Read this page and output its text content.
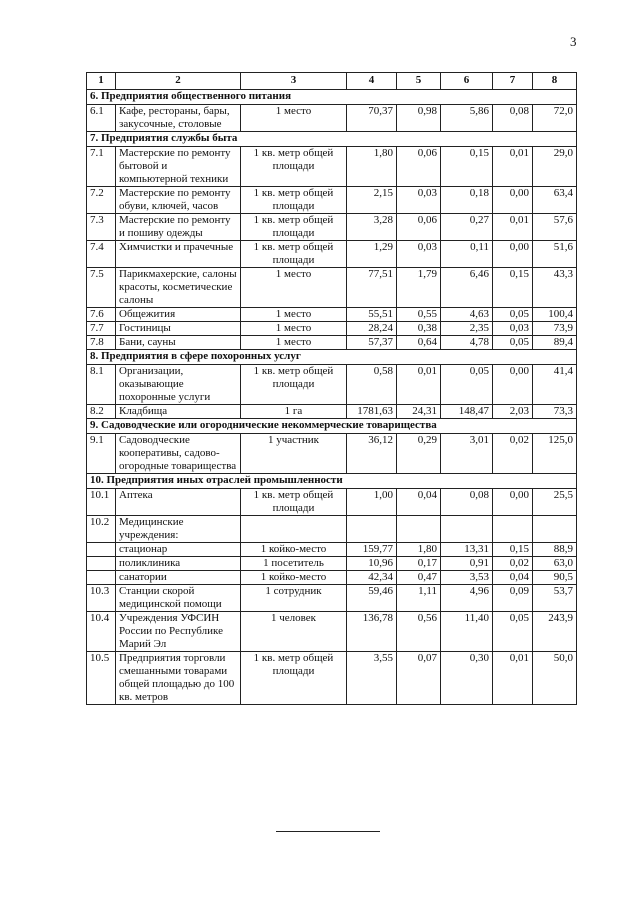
3
1	2	3	4	5	6	7	8
6. Предприятия общественного питания							
6.1	Кафе, рестораны, бары, закусочные, столовые	1 место	70,37	0,98	5,86	0,08	72,0
7. Предприятия службы быта							
7.1	Мастерские по ремонту бытовой и компьютерной техники	1 кв. метр общей площади	1,80	0,06	0,15	0,01	29,0
7.2	Мастерские по ремонту обуви, ключей, часов	1 кв. метр общей площади	2,15	0,03	0,18	0,00	63,4
7.3	Мастерские по ремонту и пошиву одежды	1 кв. метр общей площади	3,28	0,06	0,27	0,01	57,6
7.4	Химчистки и прачечные	1 кв. метр общей площади	1,29	0,03	0,11	0,00	51,6
7.5	Парикмахерские, салоны красоты, косметические салоны	1 место	77,51	1,79	6,46	0,15	43,3
7.6	Общежития	1 место	55,51	0,55	4,63	0,05	100,4
7.7	Гостиницы	1 место	28,24	0,38	2,35	0,03	73,9
7.8	Бани, сауны	1 место	57,37	0,64	4,78	0,05	89,4
8. Предприятия в сфере похоронных услуг							
8.1	Организации, оказывающие похоронные услуги	1 кв. метр общей площади	0,58	0,01	0,05	0,00	41,4
8.2	Кладбища	1 га	1781,63	24,31	148,47	2,03	73,3
9. Садоводческие или огороднические некоммерческие товарищества							
9.1	Садоводческие кооперативы, садово-огородные товарищества	1 участник	36,12	0,29	3,01	0,02	125,0
10. Предприятия иных отраслей промышленности							
10.1	Аптека	1 кв. метр общей площади	1,00	0,04	0,08	0,00	25,5
10.2	Медицинские учреждения:						
	стационар	1 койко-место	159,77	1,80	13,31	0,15	88,9
	поликлиника	1 посетитель	10,96	0,17	0,91	0,02	63,0
	санатории	1 койко-место	42,34	0,47	3,53	0,04	90,5
10.3	Станции скорой медицинской помощи	1 сотрудник	59,46	1,11	4,96	0,09	53,7
10.4	Учреждения УФСИН России по Республике Марий Эл	1 человек	136,78	0,56	11,40	0,05	243,9
10.5	Предприятия торговли смешанными товарами общей площадью до 100 кв. метров	1 кв. метр общей площади	3,55	0,07	0,30	0,01	50,0
